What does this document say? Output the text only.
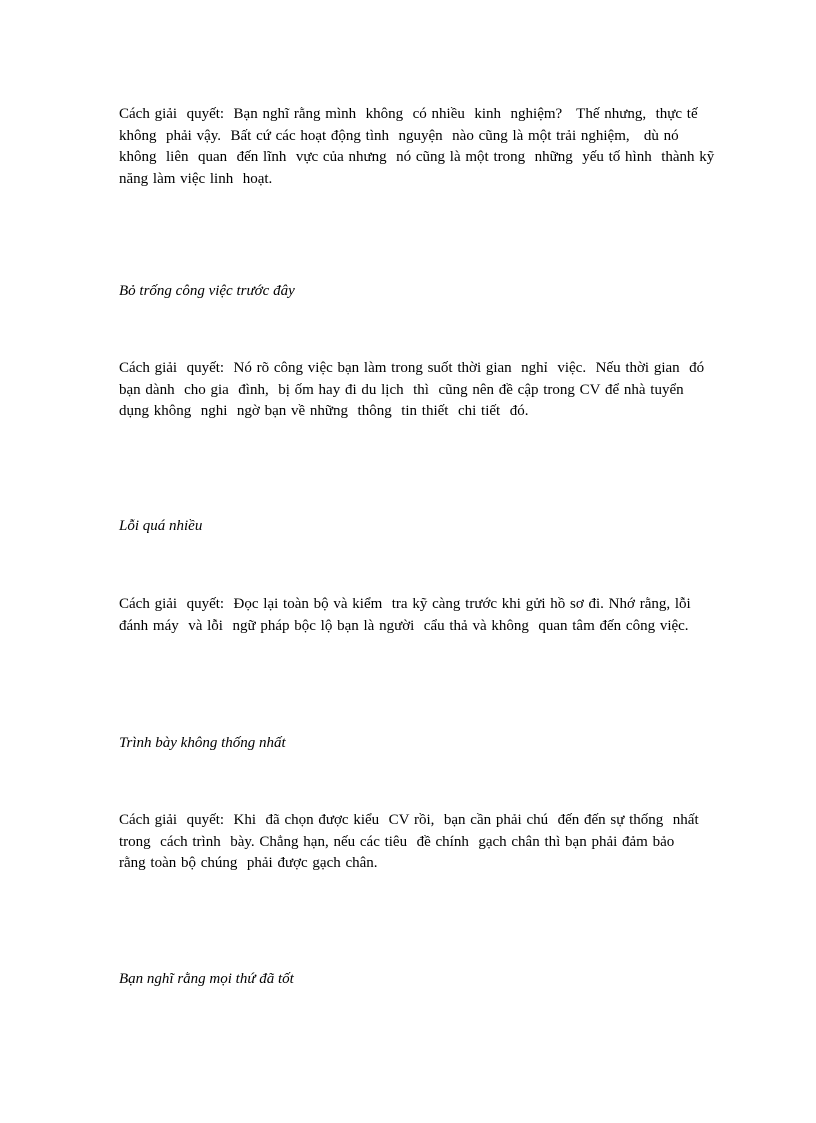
Cách giải  quyết:  Bạn nghĩ rằng mình  không  có nhiều  kinh  nghiệm?   Thế nhưng,  thực tế
không  phải vậy.  Bất cứ các hoạt động tình  nguyện  nào cũng là một trải nghiệm,   dù nó
không  liên  quan  đến lĩnh  vực của nhưng  nó cũng là một trong  những  yếu tố hình  thành kỹ
năng làm việc linh  hoạt.
Bỏ trống công việc trước đây
Cách giải  quyết:  Nó rõ công việc bạn làm trong suốt thời gian  nghỉ  việc.  Nếu thời gian  đó
bạn dành  cho gia  đình,  bị ốm hay đi du lịch  thì  cũng nên đề cập trong CV để nhà tuyển
dụng không  nghi  ngờ bạn về những  thông  tin thiết  chi tiết  đó.
Lỗi quá nhiều
Cách giải  quyết:  Đọc lại toàn bộ và kiểm  tra kỹ càng trước khi gửi hồ sơ đi. Nhớ rằng, lỗi
đánh máy  và lỗi  ngữ pháp bộc lộ bạn là người  cẩu thả và không  quan tâm đến công việc.
Trình bày không thống nhất
Cách giải  quyết:  Khi  đã chọn được kiểu  CV rồi,  bạn cần phải chú  đến đến sự thống  nhất
trong  cách trình  bày. Chẳng hạn, nếu các tiêu  đề chính  gạch chân thì bạn phải đảm bảo
rằng toàn bộ chúng  phải được gạch chân.
Bạn nghĩ rằng mọi thứ đã tốt
